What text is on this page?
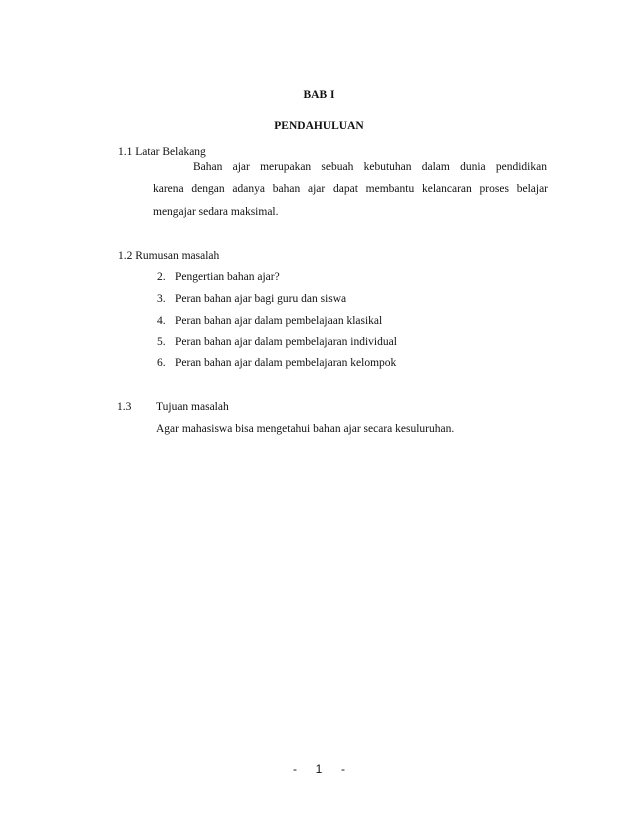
BAB I
PENDAHULUAN
1.1 Latar Belakang
Bahan ajar merupakan sebuah kebutuhan dalam dunia pendidikan
karena dengan adanya bahan ajar dapat membantu kelancaran proses belajar
mengajar sedara maksimal.
1.2 Rumusan masalah
2. Pengertian bahan ajar?
3. Peran bahan ajar bagi guru dan siswa
4. Peran bahan ajar dalam pembelajaan klasikal
5. Peran bahan ajar dalam pembelajaran individual
6. Peran bahan ajar dalam pembelajaran kelompok
1.3 Tujuan masalah
Agar mahasiswa bisa mengetahui bahan ajar secara kesuluruhan.
-  1  -
